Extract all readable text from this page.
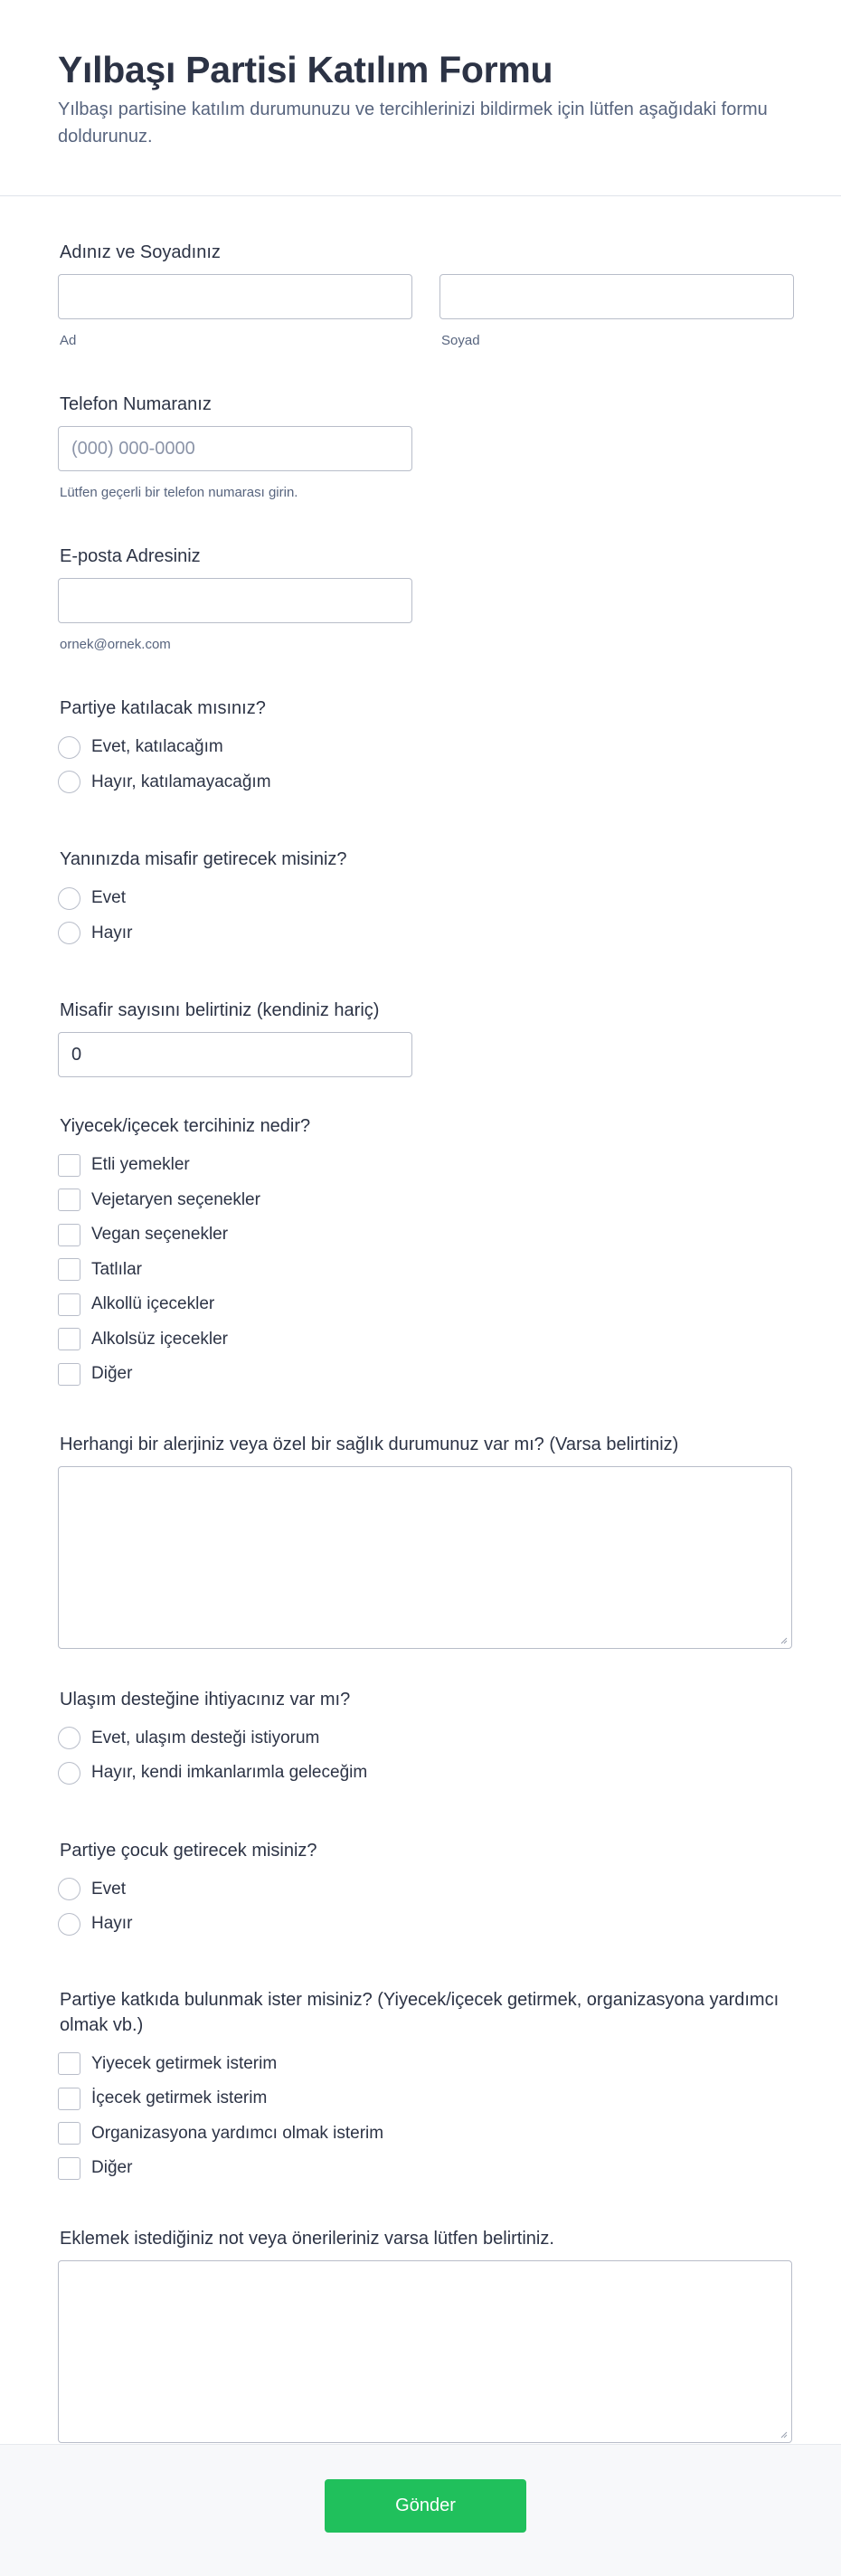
Yılbaşı Partisi Katılım Formu

Yılbaşı partisine katılım durumunuzu ve tercihlerinizi bildirmek için lütfen aşağıdaki formu doldurunuz.

Adınız ve Soyadınız
Ad	Soyad
Telefon Numaranız
(000) 000-0000
Lütfen geçerli bir telefon numarası girin.
E-posta Adresiniz
ornek@ornek.com
Partiye katılacak mısınız?
Evet, katılacağım
Hayır, katılamayacağım
Yanınızda misafir getirecek misiniz?
Evet
Hayır
Misafir sayısını belirtiniz (kendiniz hariç)
0
Yiyecek/içecek tercihiniz nedir?
Etli yemekler
Vejetaryen seçenekler
Vegan seçenekler
Tatlılar
Alkollü içecekler
Alkolsüz içecekler
Diğer
Herhangi bir alerjiniz veya özel bir sağlık durumunuz var mı? (Varsa belirtiniz)
Ulaşım desteğine ihtiyacınız var mı?
Evet, ulaşım desteği istiyorum
Hayır, kendi imkanlarımla geleceğim
Partiye çocuk getirecek misiniz?
Evet
Hayır
Partiye katkıda bulunmak ister misiniz? (Yiyecek/içecek getirmek, organizasyona yardımcı olmak vb.)
Yiyecek getirmek isterim
İçecek getirmek isterim
Organizasyona yardımcı olmak isterim
Diğer
Eklemek istediğiniz not veya önerileriniz varsa lütfen belirtiniz.
Gönder
